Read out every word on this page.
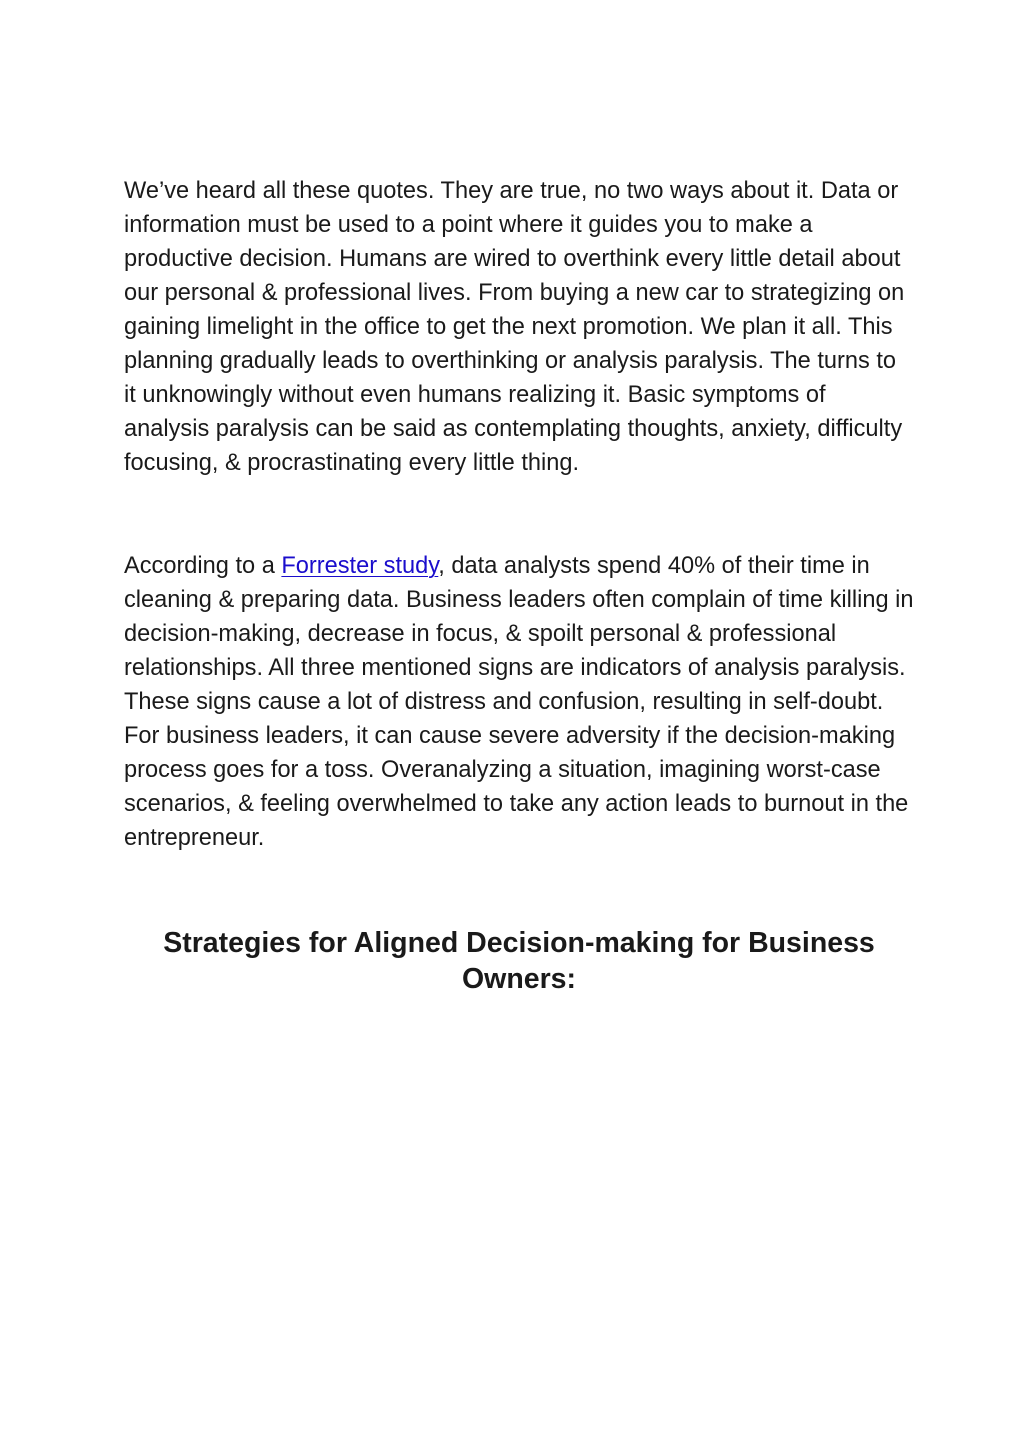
We’ve heard all these quotes. They are true, no two ways about it. Data or information must be used to a point where it guides you to make a productive decision. Humans are wired to overthink every little detail about our personal & professional lives. From buying a new car to strategizing on gaining limelight in the office to get the next promotion. We plan it all. This planning gradually leads to overthinking or analysis paralysis. The turns to it unknowingly without even humans realizing it. Basic symptoms of analysis paralysis can be said as contemplating thoughts, anxiety, difficulty focusing, & procrastinating every little thing.

According to a Forrester study, data analysts spend 40% of their time in cleaning & preparing data. Business leaders often complain of time killing in decision-making, decrease in focus, & spoilt personal & professional relationships. All three mentioned signs are indicators of analysis paralysis. These signs cause a lot of distress and confusion, resulting in self-doubt. For business leaders, it can cause severe adversity if the decision-making process goes for a toss. Overanalyzing a situation, imagining worst-case scenarios, & feeling overwhelmed to take any action leads to burnout in the entrepreneur.

Strategies for Aligned Decision-making for Business Owners:
